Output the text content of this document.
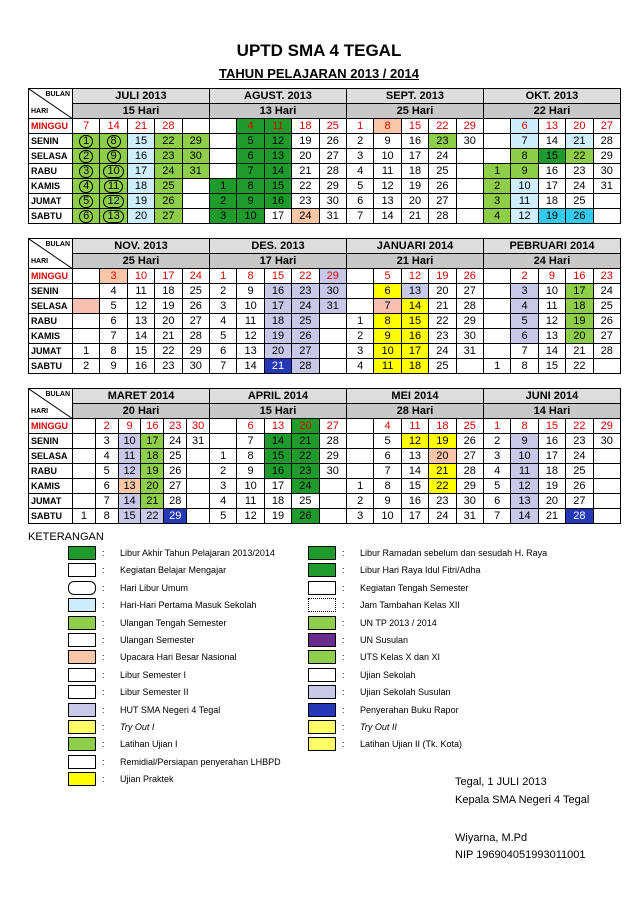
UPTD SMA 4 TEGAL
TAHUN PELAJARAN 2013 / 2014
BULAN
HARI	JULI 2013					AGUST. 2013					SEPT. 2013					OKT. 2013				
	15 Hari					13 Hari					25 Hari					22 Hari				
MINGGU	7	14	21	28			4	11	18	25	1	8	15	22	29		6	13	20	27
SENIN	1	8	15	22	29		5	12	19	26	2	9	16	23	30		7	14	21	28
SELASA	2	9	16	23	30		6	13	20	27	3	10	17	24			8	15	22	29
RABU	3	10	17	24	31		7	14	21	28	4	11	18	25		1	9	16	23	30
KAMIS	4	11	18	25		1	8	15	22	29	5	12	19	26		2	10	17	24	31
JUMAT	5	12	19	26		2	9	16	23	30	6	13	20	27		3	11	18	25	
SABTU	6	13	20	27		3	10	17	24	31	7	14	21	28		4	12	19	26	
BULAN
HARI	NOV. 2013					DES. 2013					JANUARI 2014					PEBRUARI 2014				
	25 Hari					17 Hari					21 Hari					24 Hari				
MINGGU		3	10	17	24	1	8	15	22	29		5	12	19	26		2	9	16	23
SENIN		4	11	18	25	2	9	16	23	30		6	13	20	27		3	10	17	24
SELASA		5	12	19	26	3	10	17	24	31		7	14	21	28		4	11	18	25
RABU		6	13	20	27	4	11	18	25		1	8	15	22	29		5	12	19	26
KAMIS		7	14	21	28	5	12	19	26		2	9	16	23	30		6	13	20	27
JUMAT	1	8	15	22	29	6	13	20	27		3	10	17	24	31		7	14	21	28
SABTU	2	9	16	23	30	7	14	21	28		4	11	18	25		1	8	15	22	
BULAN
HARI	MARET 2014						APRIL 2014					MEI 2014					JUNI 2014				
	20 Hari						15 Hari					28 Hari					14 Hari				
MINGGU		2	9	16	23	30		6	13	20	27		4	11	18	25	1	8	15	22	29
SENIN		3	10	17	24	31		7	14	21	28		5	12	19	26	2	9	16	23	30
SELASA		4	11	18	25		1	8	15	22	29		6	13	20	27	3	10	17	24	
RABU		5	12	19	26		2	9	16	23	30		7	14	21	28	4	11	18	25	
KAMIS		6	13	20	27		3	10	17	24		1	8	15	22	29	5	12	19	26	
JUMAT		7	14	21	28		4	11	18	25		2	9	16	23	30	6	13	20	27	
SABTU	1	8	15	22	29		5	12	19	26		3	10	17	24	31	7	14	21	28	
KETERANGAN
:	Libur Akhir Tahun Pelajaran 2013/2014
:	Kegiatan Belajar Mengajar
:	Hari Libur Umum
:	Hari-Hari Pertama Masuk Sekolah
:	Ulangan Tengah Semester
:	Ulangan Semester
:	Upacara Hari Besar Nasional
:	Libur Semester I
:	Libur Semester II
:	HUT SMA Negeri 4 Tegal
:	Try Out I
:	Latihan Ujian I
:	Remidial/Persiapan penyerahan LHBPD
:	Ujian Praktek
:	Libur Ramadan sebelum dan sesudah H. Raya
:	Libur Hari Raya Idul Fitri/Adha
:	Kegiatan Tengah Semester
:	Jam Tambahan Kelas XII
:	UN TP 2013 / 2014
:	UN Susulan
:	UTS Kelas X dan XI
:	Ujian Sekolah
:	Ujian Sekolah Susulan
:	Penyerahan Buku Rapor
:	Try Out II
:	Latihan Ujian II (Tk. Kota)
Tegal, 1 JULI 2013
Kepala SMA Negeri 4 Tegal
Wiyarna, M.Pd
NIP 196904051993011001
